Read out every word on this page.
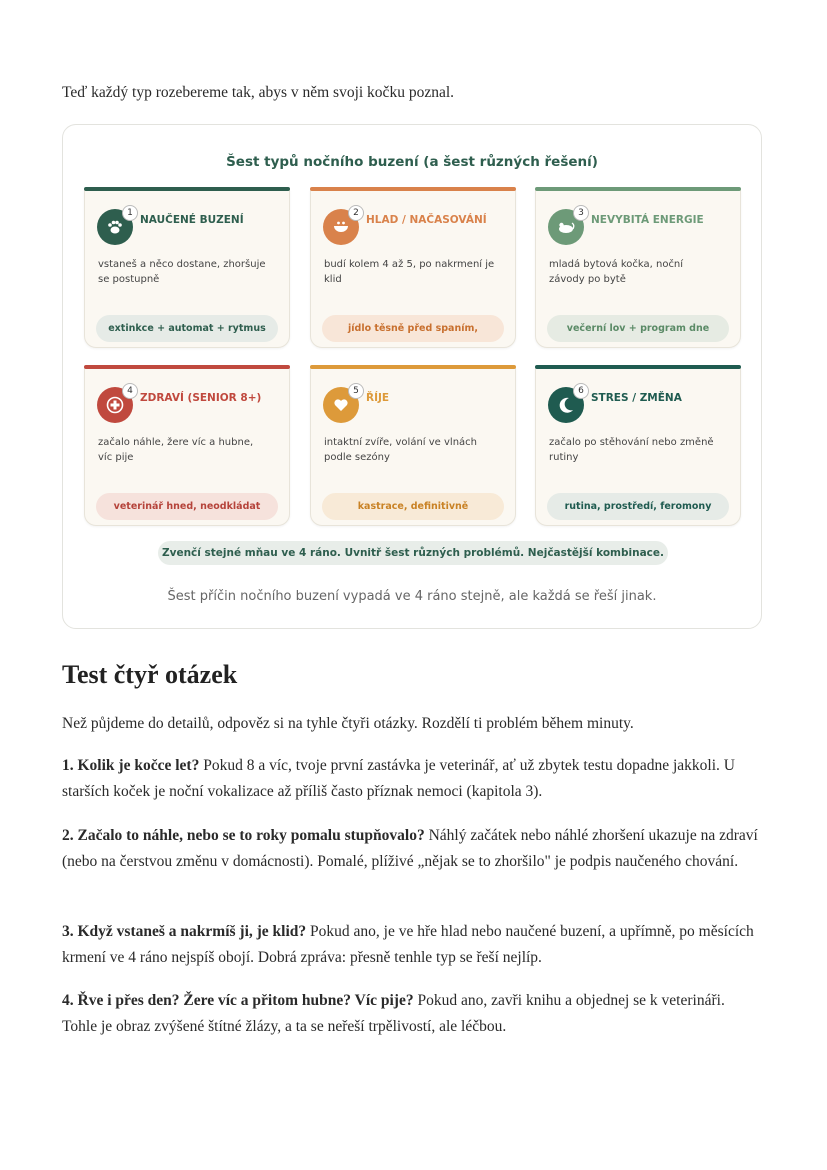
Teď každý typ rozebereme tak, abys v něm svoji kočku poznal.

Šest typů nočního buzení (a šest různých řešení)
1
NAUČENÉ BUZENÍ
vstaneš a něco dostane, zhoršuje se postupně
extinkce + automat + rytmus
2
HLAD / NAČASOVÁNÍ
budí kolem 4 až 5, po nakrmení je klid
jídlo těsně před spaním,
3
NEVYBITÁ ENERGIE
mladá bytová kočka, noční závody po bytě
večerní lov + program dne
4
ZDRAVÍ (SENIOR 8+)
začalo náhle, žere víc a hubne, víc pije
veterinář hned, neodkládat
5
ŘÍJE
intaktní zvíře, volání ve vlnách podle sezóny
kastrace, definitivně
6
STRES / ZMĚNA
začalo po stěhování nebo změně rutiny
rutina, prostředí, feromony
Zvenčí stejné mňau ve 4 ráno. Uvnitř šest různých problémů. Nejčastější kombinace.
Šest příčin nočního buzení vypadá ve 4 ráno stejně, ale každá se řeší jinak.
Test čtyř otázek

Než půjdeme do detailů, odpověz si na tyhle čtyři otázky. Rozdělí ti problém během minuty.

1. Kolik je kočce let? Pokud 8 a víc, tvoje první zastávka je veterinář, ať už zbytek testu dopadne jakkoli. U starších koček je noční vokalizace až příliš často příznak nemoci (kapitola 3).

2. Začalo to náhle, nebo se to roky pomalu stupňovalo? Náhlý začátek nebo náhlé zhoršení ukazuje na zdraví (nebo na čerstvou změnu v domácnosti). Pomalé, plíživé „nějak se to zhoršilo" je podpis naučeného chování.

3. Když vstaneš a nakrmíš ji, je klid? Pokud ano, je ve hře hlad nebo naučené buzení, a upřímně, po měsících krmení ve 4 ráno nejspíš obojí. Dobrá zpráva: přesně tenhle typ se řeší nejlíp.

4. Řve i přes den? Žere víc a přitom hubne? Víc pije? Pokud ano, zavři knihu a objednej se k veterináři. Tohle je obraz zvýšené štítné žlázy, a ta se neřeší trpělivostí, ale léčbou.
